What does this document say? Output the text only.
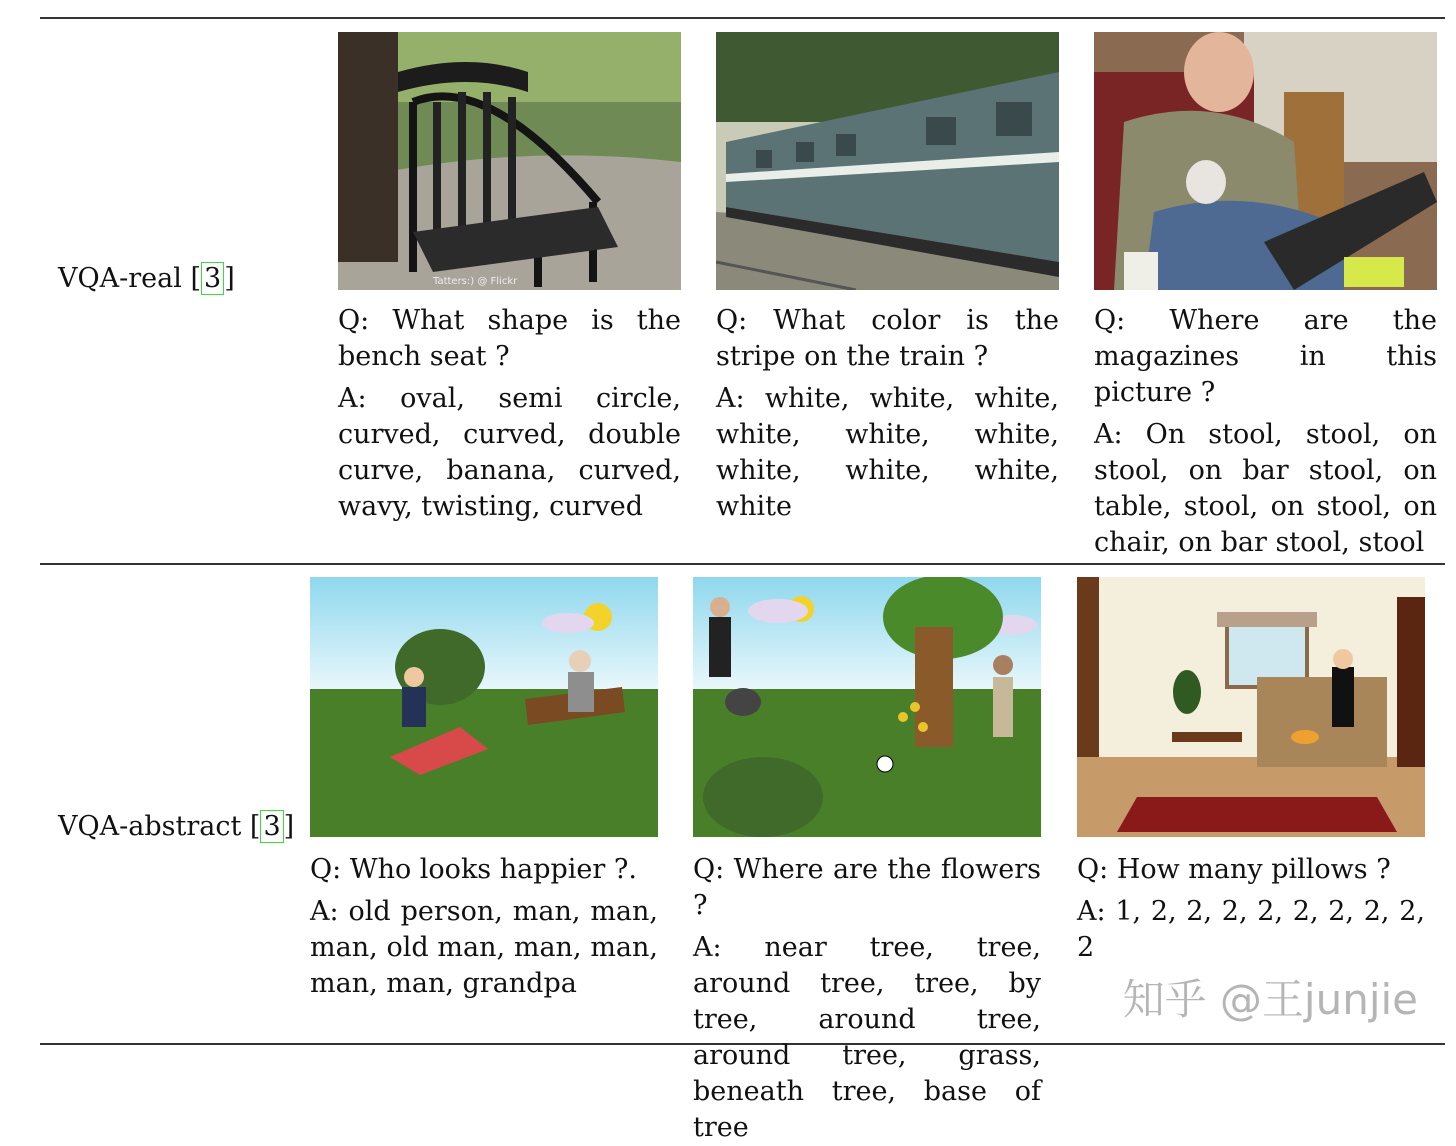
VQA-real [ 3 ]	Tatters:) @ Flickr

Q: What shape is the bench seat ?

A: oval, semi circle, curved, curved, double curve, banana, curved, wavy, twisting, curved

Q: What color is the stripe on the train ?

A: white, white, white, white, white, white, white, white, white, white

Q: Where are the magazines in this picture ?

A: On stool, stool, on stool, on bar stool, on table, stool, on stool, on chair, on bar stool, stool

VQA-abstract [ 3 ]

Q: Who looks happier ?.

A: old person, man, man, man, old man, man, man, man, man, grandpa

Q: Where are the flowers ?

A: near tree, tree, around tree, tree, by tree, around tree, around tree, grass, beneath tree, base of tree

Q: How many pillows ?

A: 1, 2, 2, 2, 2, 2, 2, 2, 2, 2

知乎 @王junjie
